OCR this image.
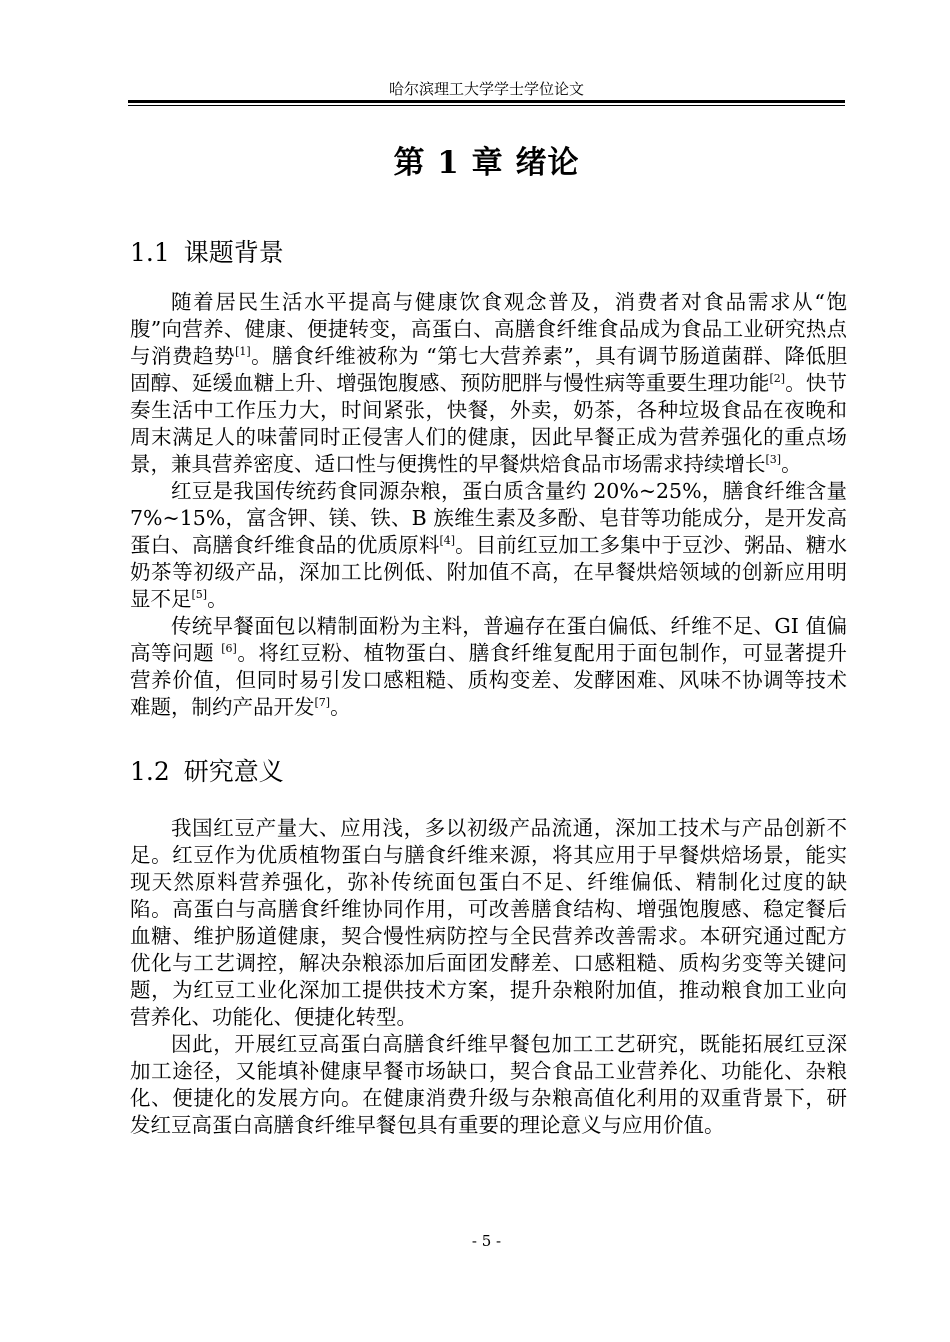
哈尔滨理工大学学士学位论文
第 1 章 绪论
1.1 课题背景

随着居民生活水平提高与健康饮食观念普及，消费者对食品需求从“饱腹”向营养、健康、便捷转变，高蛋白、高膳食纤维食品成为食品工业研究热点与消费趋势[1]。膳食纤维被称为 “第七大营养素”，具有调节肠道菌群、降低胆固醇、延缓血糖上升、增强饱腹感、预防肥胖与慢性病等重要生理功能[2]。快节奏生活中工作压力大，时间紧张，快餐，外卖，奶茶，各种垃圾食品在夜晚和周末满足人的味蕾同时正侵害人们的健康，因此早餐正成为营养强化的重点场景，兼具营养密度、适口性与便携性的早餐烘焙食品市场需求持续增长[3]。

红豆是我国传统药食同源杂粮，蛋白质含量约 20%~25%，膳食纤维含量 7%~15%，富含钾、镁、铁、B 族维生素及多酚、皂苷等功能成分，是开发高蛋白、高膳食纤维食品的优质原料[4]。目前红豆加工多集中于豆沙、粥品、糖水奶茶等初级产品，深加工比例低、附加值不高，在早餐烘焙领域的创新应用明显不足[5]。

传统早餐面包以精制面粉为主料，普遍存在蛋白偏低、纤维不足、GI 值偏高等问题 [6]。将红豆粉、植物蛋白、膳食纤维复配用于面包制作，可显著提升营养价值，但同时易引发口感粗糙、质构变差、发酵困难、风味不协调等技术难题，制约产品开发[7]。

1.2 研究意义

我国红豆产量大、应用浅，多以初级产品流通，深加工技术与产品创新不足。红豆作为优质植物蛋白与膳食纤维来源，将其应用于早餐烘焙场景，能实现天然原料营养强化，弥补传统面包蛋白不足、纤维偏低、精制化过度的缺陷。高蛋白与高膳食纤维协同作用，可改善膳食结构、增强饱腹感、稳定餐后血糖、维护肠道健康，契合慢性病防控与全民营养改善需求。本研究通过配方优化与工艺调控，解决杂粮添加后面团发酵差、口感粗糙、质构劣变等关键问题，为红豆工业化深加工提供技术方案，提升杂粮附加值，推动粮食加工业向营养化、功能化、便捷化转型。

因此，开展红豆高蛋白高膳食纤维早餐包加工工艺研究，既能拓展红豆深加工途径，又能填补健康早餐市场缺口，契合食品工业营养化、功能化、杂粮化、便捷化的发展方向。在健康消费升级与杂粮高值化利用的双重背景下，研发红豆高蛋白高膳食纤维早餐包具有重要的理论意义与应用价值。

- 5 -
